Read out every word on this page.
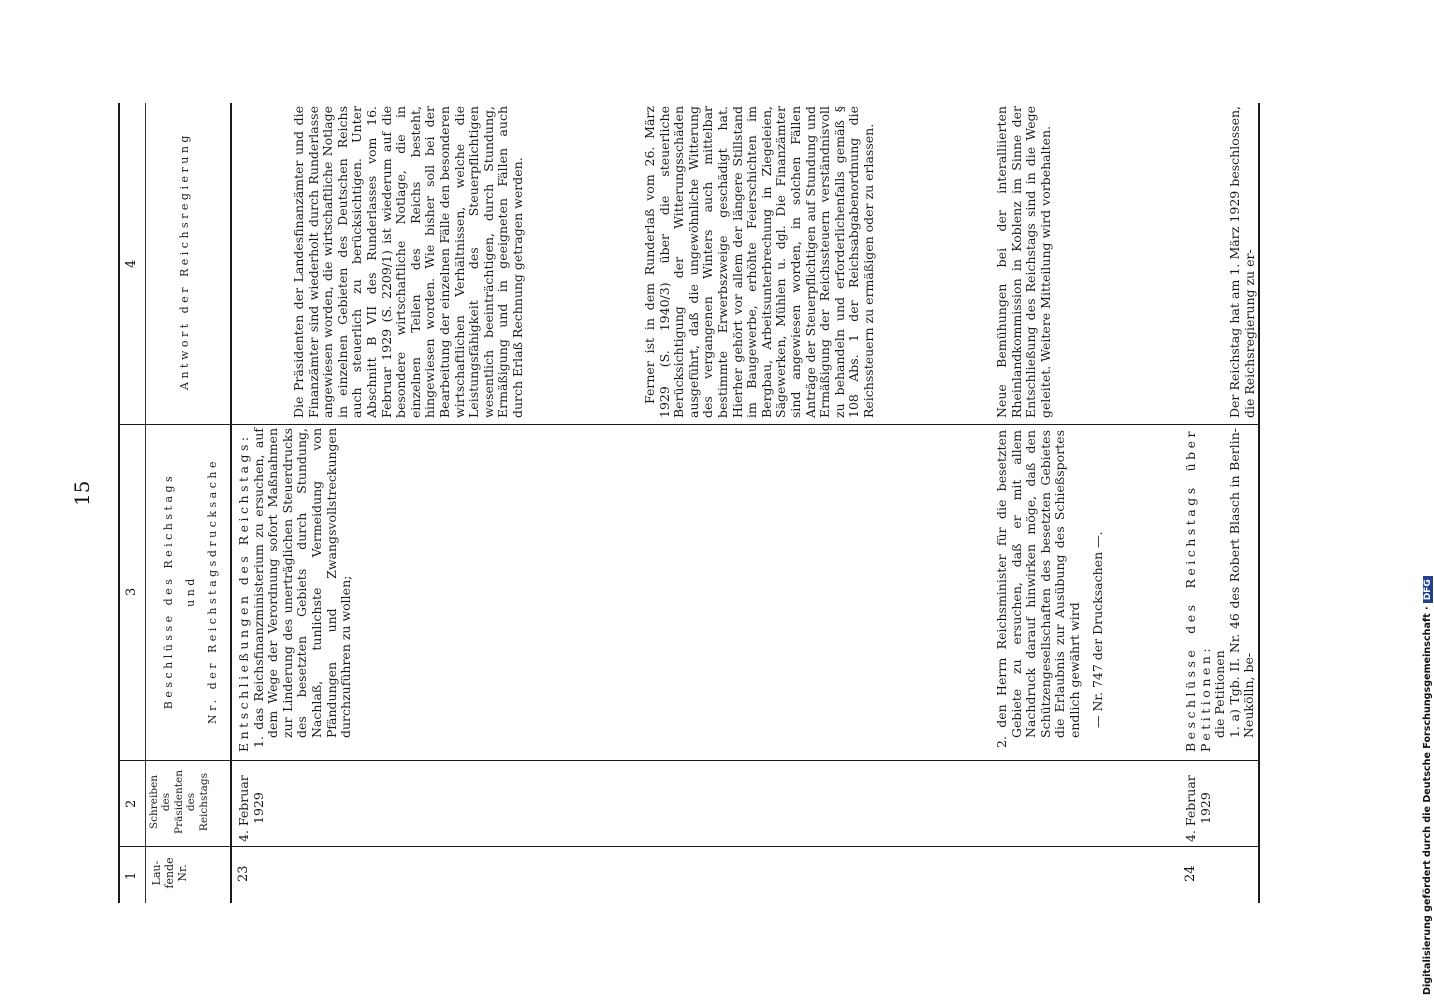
15
4
3
2
1 Lau- fende Nr.

Schreiben des Präsidenten des Reichstags

Beschlüsse des Reichstags und Nr. der Reichstagsdrucksache

Antwort der Reichsregierung

23

4. Februar 1929

Entschließungen des Reichstags: 1. das Reichsfinanzministerium zu ersuchen, auf dem Wege der Verordnung sofort Maßnahmen zur Linderung des unerträglichen Steuerdrucks des besetzten Gebiets durch Stundung, Nachlaß, tunlichste Vermeidung von Pfändungen und Zwangsvollstreckungen durchzuführen zu wollen;

Die Präsidenten der Landesfinanzämter und die Finanzämter sind wiederholt durch Runderlasse angewiesen worden, die wirtschaftliche Notlage in einzelnen Gebieten des Deutschen Reichs auch steuerlich zu berücksichtigen. Unter Abschnitt B VII des Runderlasses vom 16. Februar 1929 (S. 2209/1) ist wiederum auf die besondere wirtschaftliche Notlage, die in einzelnen Teilen des Reichs besteht, hingewiesen worden. Wie bisher soll bei der Bearbeitung der einzelnen Fälle den besonderen wirtschaftlichen Verhältnissen, welche die Leistungsfähigkeit des Steuerpflichtigen wesentlich beeinträchtigen, durch Stundung, Ermäßigung und in geeigneten Fällen auch durch Erlaß Rechnung getragen werden.	Ferner ist in dem Runderlaß vom 26. März 1929 (S. 1940/3) über die steuerliche Berücksichtigung der Witterungsschäden ausgeführt, daß die ungewöhnliche Witterung des vergangenen Winters auch mittelbar bestimmte Erwerbszweige geschädigt hat. Hierher gehört vor allem der längere Stillstand im Baugewerbe, erhöhte Feierschichten im Bergbau, Arbeitsunterbrechung in Ziegeleien, Sägewerken, Mühlen u. dgl. Die Finanzämter sind angewiesen worden, in solchen Fällen Anträge der Steuerpflichtigen auf Stundung und Ermäßigung der Reichssteuern verständnisvoll zu behandeln und erforderlichenfalls gemäß § 108 Abs. 1 der Reichsabgabenordnung die Reichssteuern zu ermäßigen oder zu erlassen.

2. den Herrn Reichsminister für die besetzten Gebiete zu ersuchen, daß er mit allem Nachdruck darauf hinwirken möge, daß den Schützengesellschaften des besetzten Gebietes die Erlaubnis zur Ausübung des Schießsportes endlich gewährt wird — Nr. 747 der Drucksachen —.

Neue Bemühungen bei der interalliierten Rheinlandkommission in Koblenz im Sinne der Entschließung des Reichstags sind in die Wege geleitet. Weitere Mitteilung wird vorbehalten.

24

4. Februar 1929

Beschlüsse des Reichstags über Petitionen: die Petitionen 1. a) Tgb. II. Nr. 46 des Robert Blasch in Berlin-Neukölln, be-

Der Reichstag hat am 1. März 1929 beschlossen, die Reichsregierung zu er-

Digitalisierung gefördert durch die Deutsche Forschungsgemeinschaft ·DFG
